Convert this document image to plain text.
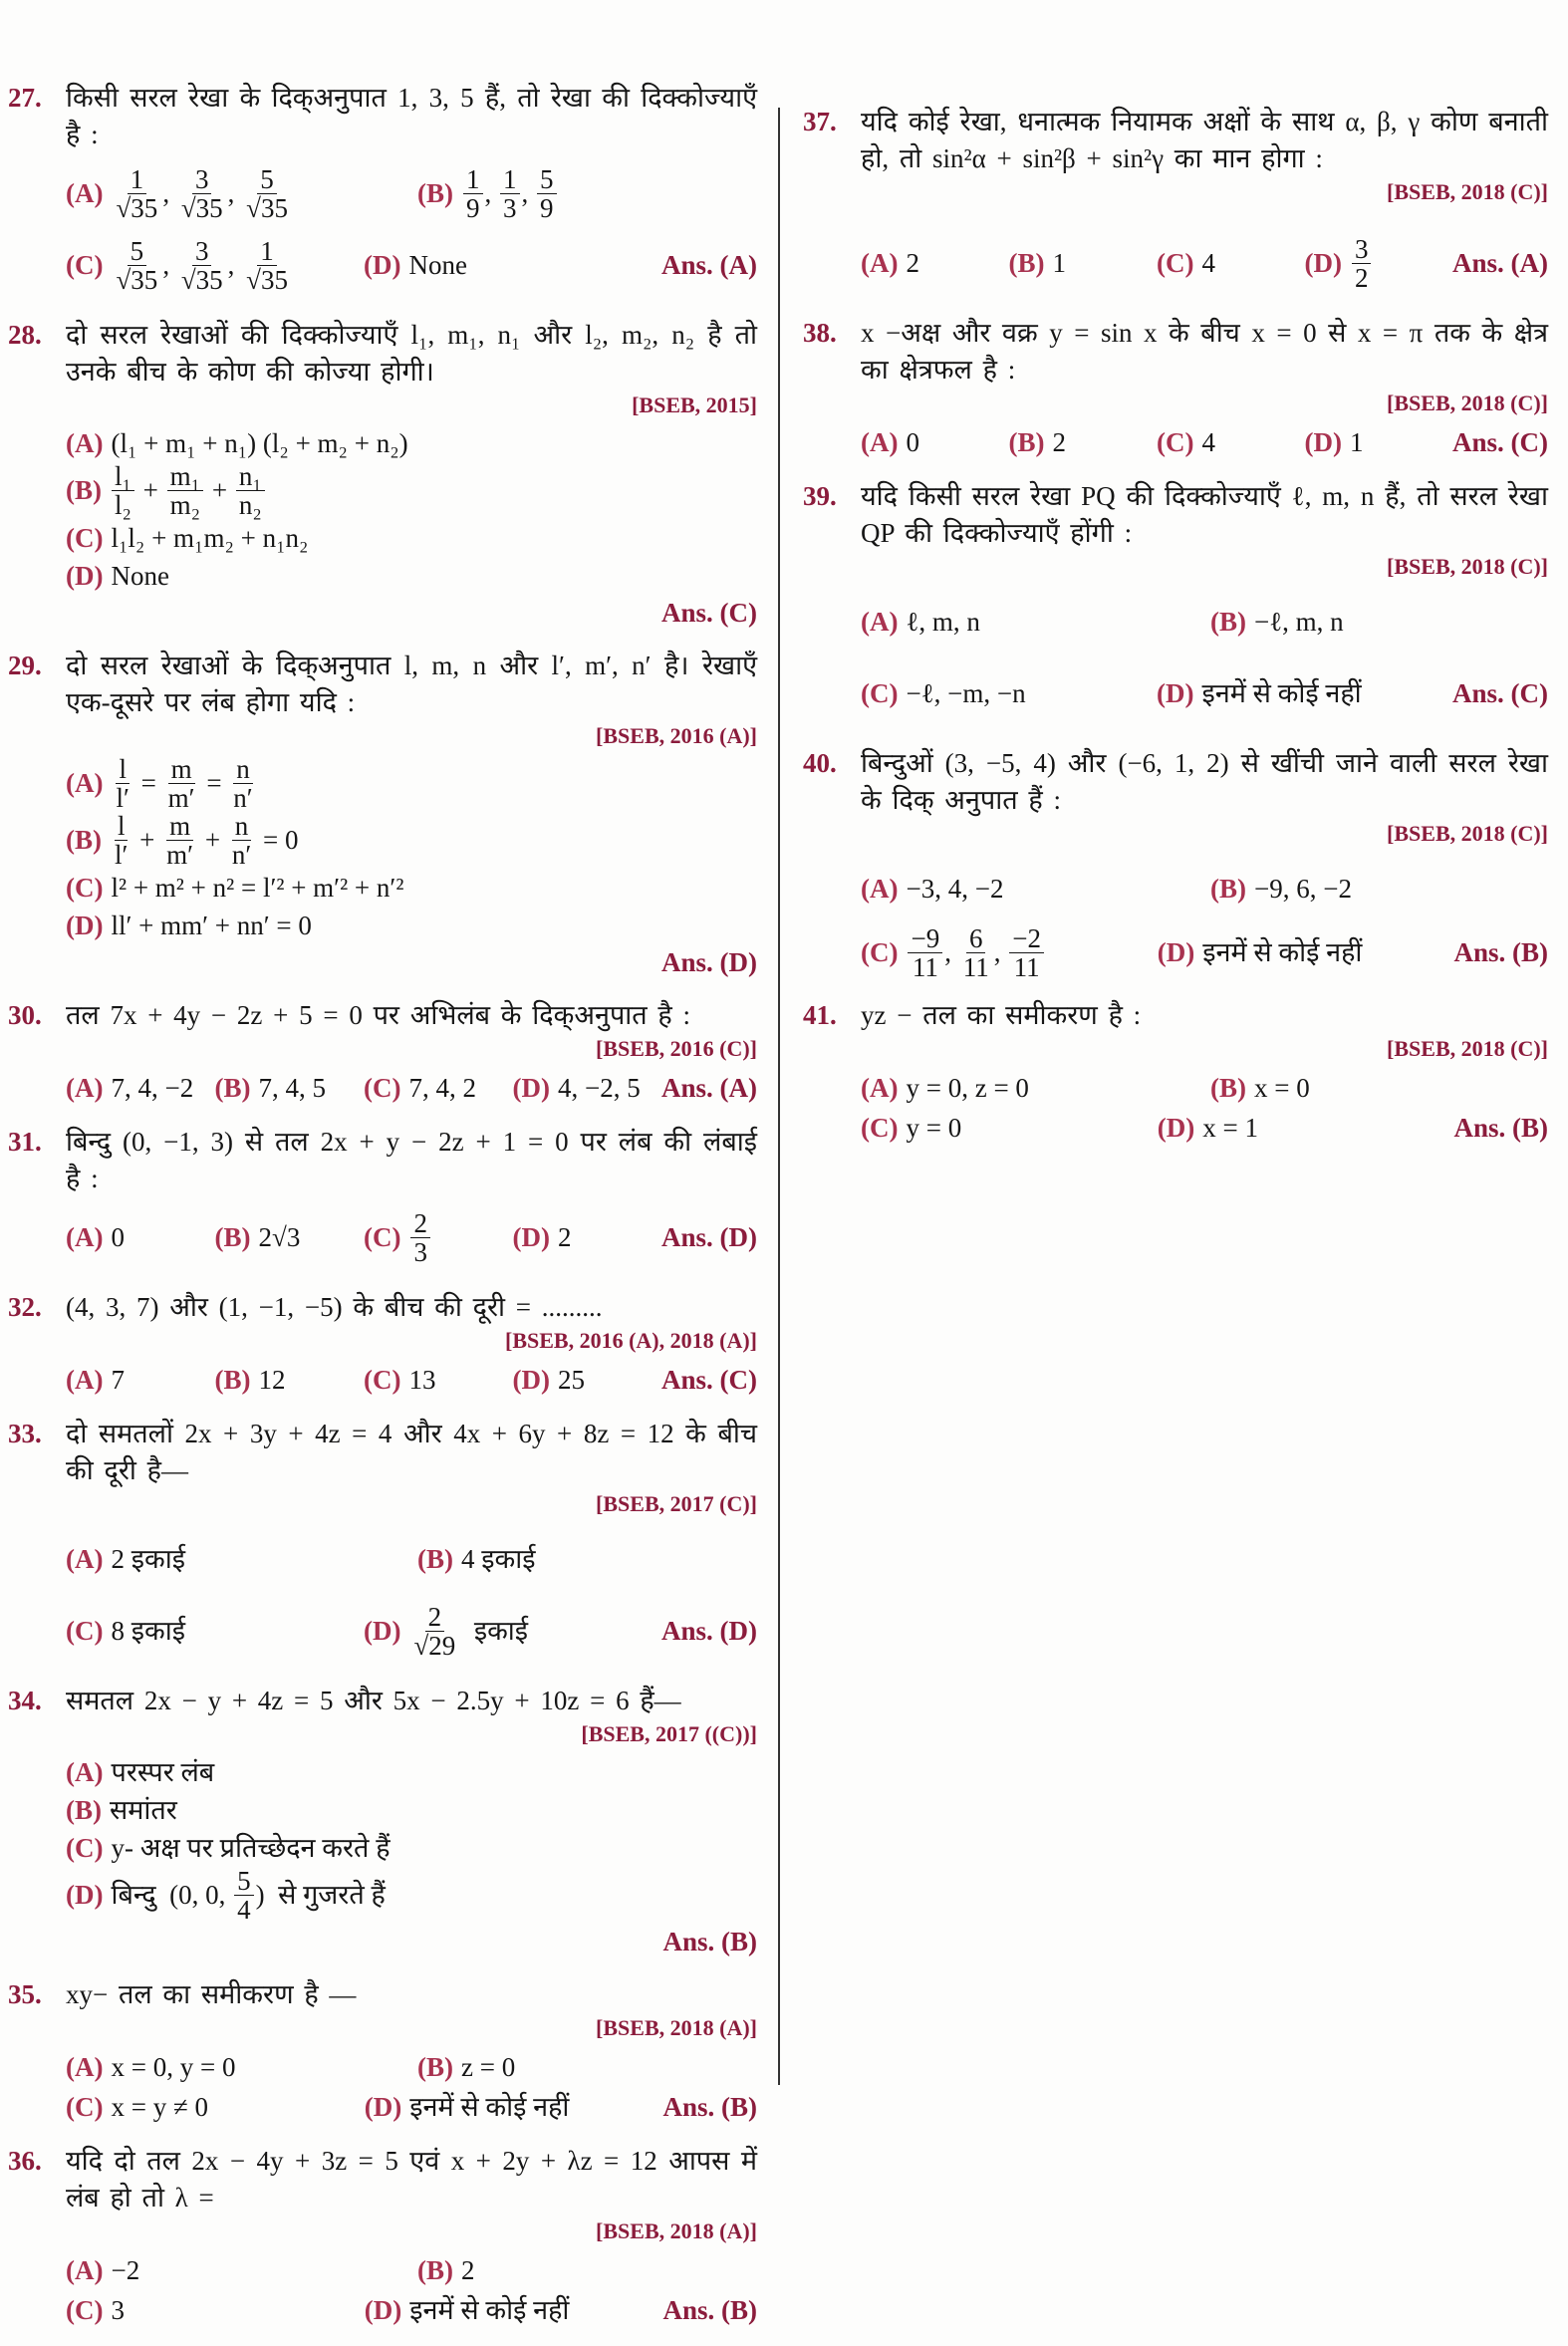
27. किसी सरल रेखा के दिक्अनुपात 1, 3, 5 हैं, तो रेखा की दिक्कोज्याएँ है :
$(A) \frac{1}{√35}$ , $\frac{3}{√35}$ , $\frac{5}{√35}$	$(B) \frac{1}{9}$ , $\frac{1}{3}$ , $\frac{5}{9}$
$(C) \frac{5}{√35}$ , $\frac{3}{√35}$ , $\frac{1}{√35}$	(D) None	Ans. (A)
28. दो सरल रेखाओं की दिक्कोज्याएँ l₁, m₁, n₁ और l₂, m₂, n₂ है तो उनके बीच के कोण की कोज्या होगी।
[BSEB, 2015]
(A) (l₁ + m₁ + n₁) (l₂ + m₂ + n₂)
$(B) \frac{\text{l₁}}{\text{l₂}} + \frac{\text{m₁}}{\text{m₂}} + \frac{\text{n₁}}{\text{n₂}}$
(C) l₁l₂ + m₁m₂ + n₁n₂
(D) None
Ans. (C)
29. दो सरल रेखाओं के दिक्अनुपात l, m, n और l′, m′, n′ है। रेखाएँ एक-दूसरे पर लंब होगा यदि :
[BSEB, 2016 (A)]
$(A) \frac{l}{l'} = \frac{m}{m'} = \frac{n}{n'}$
$(B) \frac{l}{l'} + \frac{m}{m'} + \frac{n}{n'} = 0$
(C) l² + m² + n² = l′² + m′² + n′²
(D) ll′ + mm′ + nn′ = 0
Ans. (D)
30. तल 7x + 4y − 2z + 5 = 0 पर अभिलंब के दिक्अनुपात है :
[BSEB, 2016 (C)]
(A) 7, 4, −2 (B) 7, 4, 5 (C) 7, 4, 2 (D) 4, −2, 5 Ans. (A)
31. बिन्दु (0, −1, 3) से तल 2x + y − 2z + 1 = 0 पर लंब की लंबाई है :
(A) 0	(B) 2√3 $(C) \frac{2}{3}$	(D) 2	Ans. (D)
32. (4, 3, 7) और (1, −1, −5) के बीच की दूरी = .........
[BSEB, 2016 (A), 2018 (A)]
(A) 7	(B) 12	(C) 13	(D) 25	Ans. (C)
33. दो समतलों 2x + 3y + 4z = 4 और 4x + 6y + 8z = 12 के बीच की दूरी है—
[BSEB, 2017 (C)]
(A) 2 इकाई	(B) 4 इकाई
(C) 8 इकाई	$(D) \frac{2}{√29}$ इकाई	Ans. (D)
34. समतल 2x − y + 4z = 5 और 5x − 2.5y + 10z = 6 हैं—
[BSEB, 2017 ((C))]
(A) परस्पर लंब
(B) समांतर
(C) y- अक्ष पर प्रतिच्छेदन करते हैं
(D) बिन्दु  (0, 0, $\frac{5}{4}$ )  से गुजरते हैं
Ans. (B)
35. xy− तल का समीकरण है —
[BSEB, 2018 (A)]
(A) x = 0, y = 0	(B) z = 0
(C) x = y ≠ 0	(D) इनमें से कोई नहीं	Ans. (B)
36. यदि दो तल 2x − 4y + 3z = 5 एवं x + 2y + λz = 12 आपस में लंब हो तो λ =
[BSEB, 2018 (A)]
(A) −2	(B) 2
(C) 3	(D) इनमें से कोई नहीं	Ans. (B)
37. यदि कोई रेखा, धनात्मक नियामक अक्षों के साथ α, β, γ कोण बनाती हो, तो sin²α + sin²β + sin²γ का मान होगा :
[BSEB, 2018 (C)]
(A) 2	(B) 1	(C) 4	$(D) \frac{3}{2}$	Ans. (A)
38. x −अक्ष और वक्र y = sin x के बीच x = 0 से x = π तक के क्षेत्र का क्षेत्रफल है :
[BSEB, 2018 (C)]
(A) 0	(B) 2	(C) 4	(D) 1	Ans. (C)
39. यदि किसी सरल रेखा PQ की दिक्कोज्याएँ ℓ, m, n हैं, तो सरल रेखा QP की दिक्कोज्याएँ होंगी :
[BSEB, 2018 (C)]
(A) ℓ, m, n	(B) −ℓ, m, n
(C) −ℓ, −m, −n	(D) इनमें से कोई नहीं	Ans. (C)
40. बिन्दुओं (3, −5, 4) और (−6, 1, 2) से खींची जाने वाली सरल रेखा के दिक् अनुपात हैं :
[BSEB, 2018 (C)]
(A) −3, 4, −2	(B) −9, 6, −2
$(C) \frac{-9}{11}$ , $\frac{6}{11}$ , $\frac{-2}{11}$	(D) इनमें से कोई नहीं	Ans. (B)
41. yz − तल का समीकरण है :
[BSEB, 2018 (C)]
(A) y = 0, z = 0	(B) x = 0
(C) y = 0	(D) x = 1	Ans. (B)
